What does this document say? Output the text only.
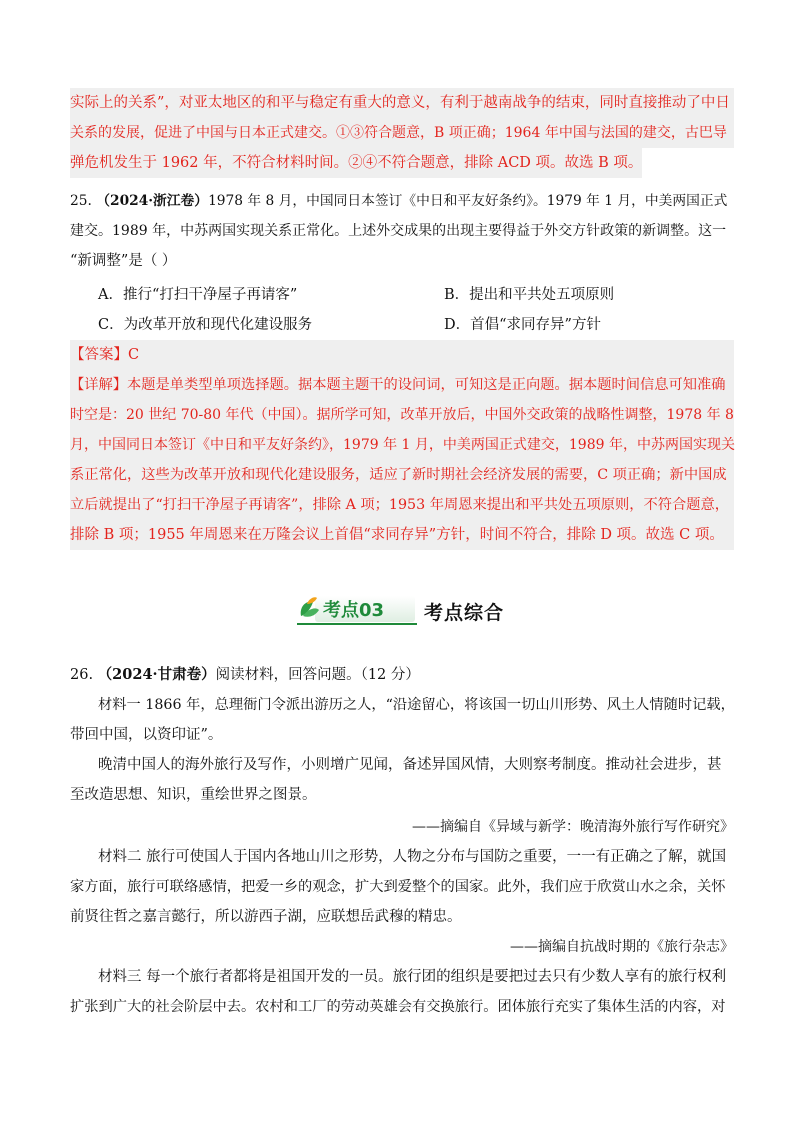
实际上的关系”，对亚太地区的和平与稳定有重大的意义，有利于越南战争的结束，同时直接推动了中日
关系的发展，促进了中国与日本正式建交。①③符合题意，B 项正确；1964 年中国与法国的建交，古巴导
弹危机发生于 1962 年，不符合材料时间。②④不符合题意，排除 ACD 项。故选 B 项。
25. （2024·浙江卷）1978 年 8 月，中国同日本签订《中日和平友好条约》。1979 年 1 月，中美两国正式
建交。1989 年，中苏两国实现关系正常化。上述外交成果的出现主要得益于外交方针政策的新调整。这一
“新调整”是（ ）
A．推行“打扫干净屋子再请客”	B．提出和平共处五项原则
C．为改革开放和现代化建设服务	D．首倡“求同存异”方针
【答案】C
【详解】本题是单类型单项选择题。据本题主题干的设问词，可知这是正向题。据本题时间信息可知准确
时空是：20 世纪 70-80 年代（中国）。据所学可知，改革开放后，中国外交政策的战略性调整，1978 年 8
月，中国同日本签订《中日和平友好条约》，1979 年 1 月，中美两国正式建交，1989 年，中苏两国实现关
系正常化，这些为改革开放和现代化建设服务，适应了新时期社会经济发展的需要，C 项正确；新中国成
立后就提出了“打扫干净屋子再请客”，排除 A 项；1953 年周恩来提出和平共处五项原则，不符合题意，
排除 B 项；1955 年周恩来在万隆会议上首倡“求同存异”方针，时间不符合，排除 D 项。故选 C 项。
考点03 考点综合
26. （2024·甘肃卷）阅读材料，回答问题。（12 分）
材料一 1866 年，总理衙门令派出游历之人，“沿途留心，将该国一切山川形势、风土人情随时记载，
带回中国，以资印证”。
晚清中国人的海外旅行及写作，小则增广见闻，备述异国风情，大则察考制度。推动社会进步，甚
至改造思想、知识，重绘世界之图景。
——摘编自《异域与新学：晚清海外旅行写作研究》
材料二 旅行可使国人于国内各地山川之形势，人物之分布与国防之重要，一一有正确之了解，就国
家方面，旅行可联络感情，把爱一乡的观念，扩大到爱整个的国家。此外，我们应于欣赏山水之余，关怀
前贤往哲之嘉言懿行，所以游西子湖，应联想岳武穆的精忠。
——摘编自抗战时期的《旅行杂志》
材料三 每一个旅行者都将是祖国开发的一员。旅行团的组织是要把过去只有少数人享有的旅行权利
扩张到广大的社会阶层中去。农村和工厂的劳动英雄会有交换旅行。团体旅行充实了集体生活的内容，对
